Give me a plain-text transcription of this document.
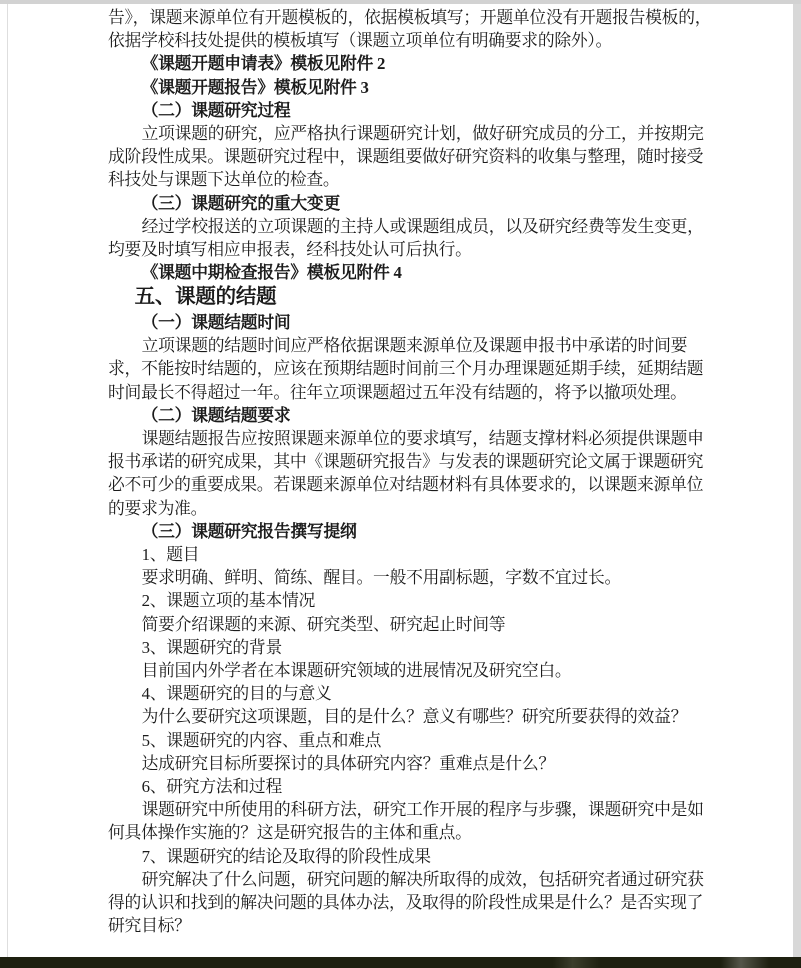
告》，课题来源单位有开题模板的，依据模板填写；开题单位没有开题报告模板的，
依据学校科技处提供的模板填写（课题立项单位有明确要求的除外）。
《课题开题申请表》模板见附件 2
《课题开题报告》模板见附件 3
（二）课题研究过程
立项课题的研究，应严格执行课题研究计划，做好研究成员的分工，并按期完
成阶段性成果。课题研究过程中，课题组要做好研究资料的收集与整理，随时接受
科技处与课题下达单位的检查。
（三）课题研究的重大变更
经过学校报送的立项课题的主持人或课题组成员，以及研究经费等发生变更，
均要及时填写相应申报表，经科技处认可后执行。
《课题中期检查报告》模板见附件 4
五、课题的结题
（一）课题结题时间
立项课题的结题时间应严格依据课题来源单位及课题申报书中承诺的时间要
求，不能按时结题的，应该在预期结题时间前三个月办理课题延期手续，延期结题
时间最长不得超过一年。往年立项课题超过五年没有结题的，将予以撤项处理。
（二）课题结题要求
课题结题报告应按照课题来源单位的要求填写，结题支撑材料必须提供课题申
报书承诺的研究成果，其中《课题研究报告》与发表的课题研究论文属于课题研究
必不可少的重要成果。若课题来源单位对结题材料有具体要求的，以课题来源单位
的要求为准。
（三）课题研究报告撰写提纲
1、题目
要求明确、鲜明、简练、醒目。一般不用副标题，字数不宜过长。
2、课题立项的基本情况
简要介绍课题的来源、研究类型、研究起止时间等
3、课题研究的背景
目前国内外学者在本课题研究领域的进展情况及研究空白。
4、课题研究的目的与意义
为什么要研究这项课题，目的是什么？意义有哪些？研究所要获得的效益？
5、课题研究的内容、重点和难点
达成研究目标所要探讨的具体研究内容？重难点是什么？
6、研究方法和过程
课题研究中所使用的科研方法，研究工作开展的程序与步骤，课题研究中是如
何具体操作实施的？这是研究报告的主体和重点。
7、课题研究的结论及取得的阶段性成果
研究解决了什么问题，研究问题的解决所取得的成效，包括研究者通过研究获
得的认识和找到的解决问题的具体办法，及取得的阶段性成果是什么？是否实现了
研究目标？
